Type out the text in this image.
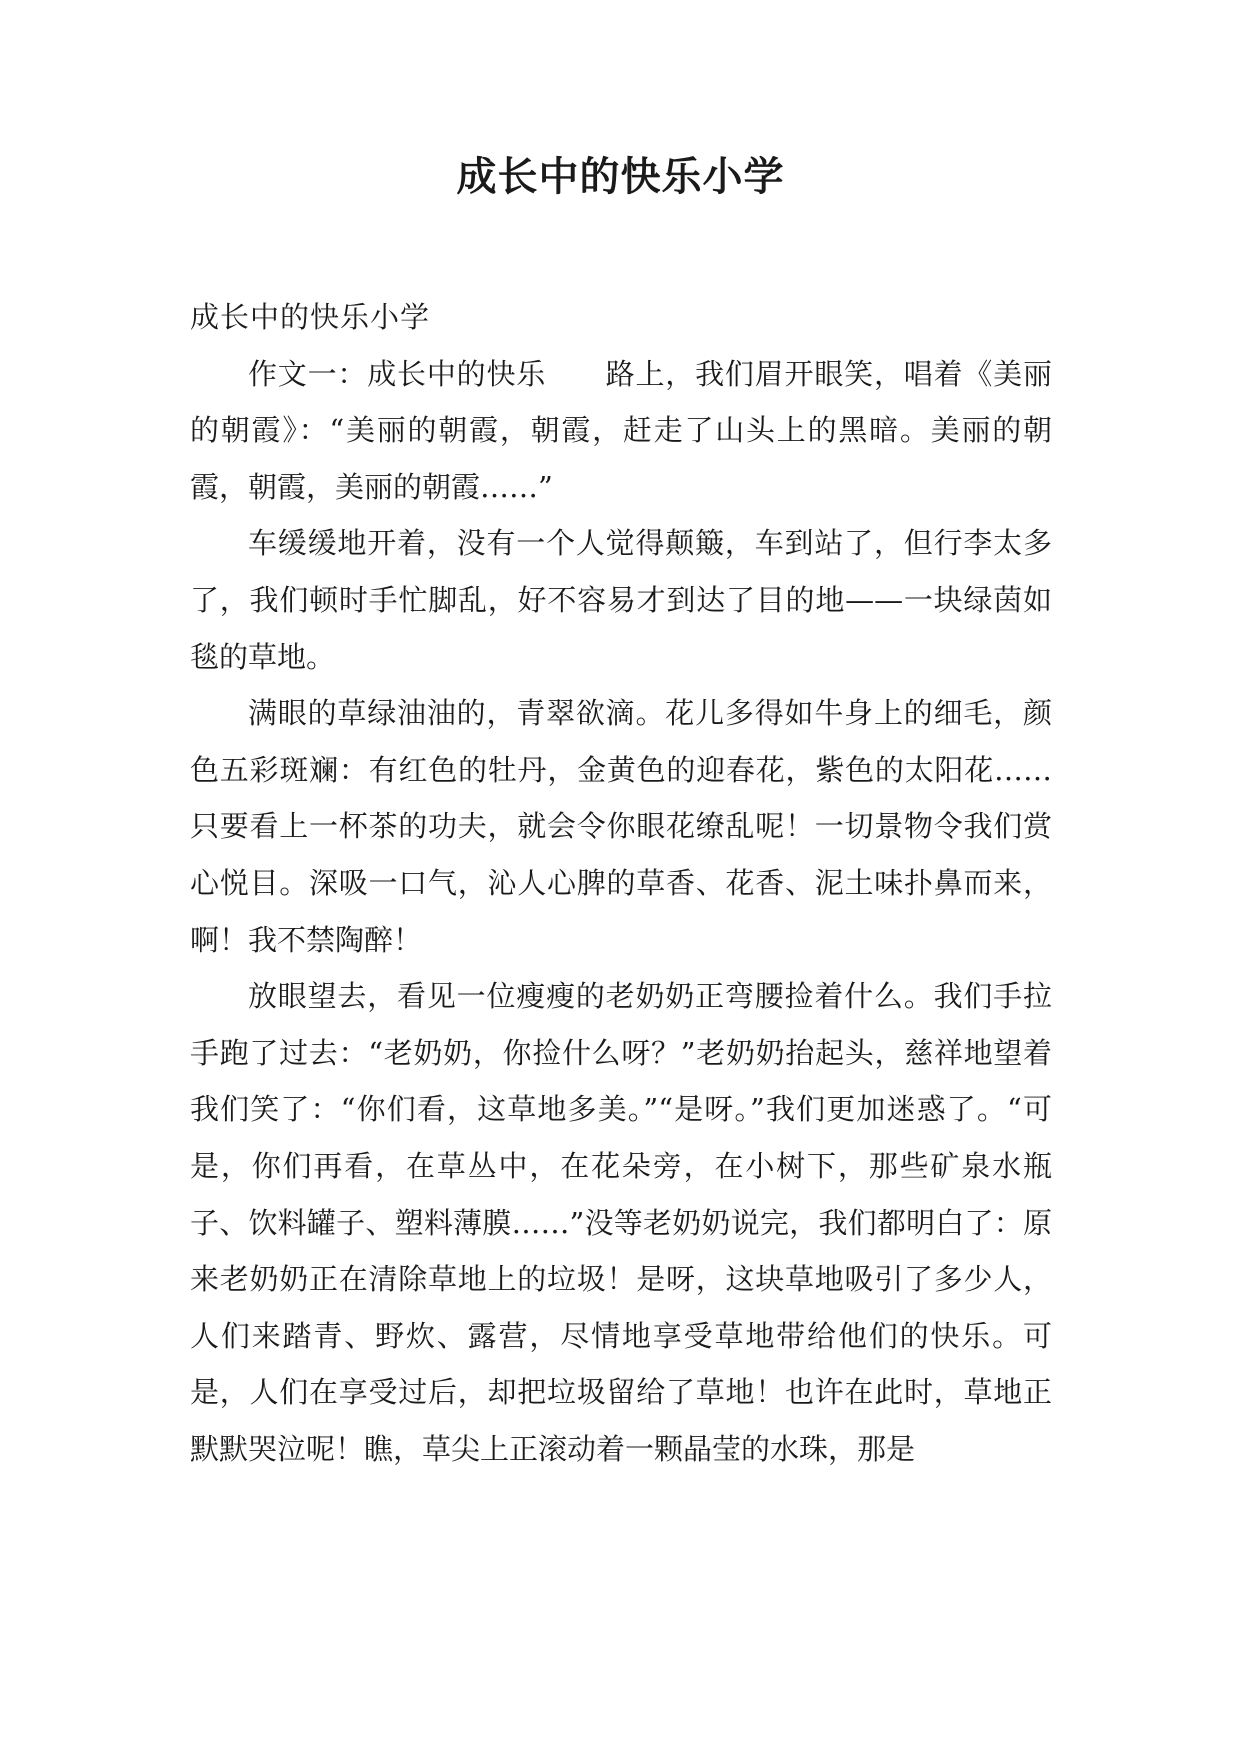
成长中的快乐小学

成长中的快乐小学

作文一：成长中的快乐　　路上，我们眉开眼笑，唱着《美丽的朝霞》：“美丽的朝霞，朝霞，赶走了山头上的黑暗。美丽的朝霞，朝霞，美丽的朝霞……”

车缓缓地开着，没有一个人觉得颠簸，车到站了，但行李太多了，我们顿时手忙脚乱，好不容易才到达了目的地——一块绿茵如毯的草地。

满眼的草绿油油的，青翠欲滴。花儿多得如牛身上的细毛，颜色五彩斑斓：有红色的牡丹，金黄色的迎春花，紫色的太阳花……只要看上一杯茶的功夫，就会令你眼花缭乱呢！一切景物令我们赏心悦目。深吸一口气，沁人心脾的草香、花香、泥土味扑鼻而来，啊！我不禁陶醉！

放眼望去，看见一位瘦瘦的老奶奶正弯腰捡着什么。我们手拉手跑了过去：“老奶奶，你捡什么呀？”老奶奶抬起头，慈祥地望着我们笑了：“你们看，这草地多美。”“是呀。”我们更加迷惑了。“可是，你们再看，在草丛中，在花朵旁，在小树下，那些矿泉水瓶子、饮料罐子、塑料薄膜……”没等老奶奶说完，我们都明白了：原来老奶奶正在清除草地上的垃圾！是呀，这块草地吸引了多少人，人们来踏青、野炊、露营，尽情地享受草地带给他们的快乐。可是，人们在享受过后，却把垃圾留给了草地！也许在此时，草地正默默哭泣呢！瞧，草尖上正滚动着一颗晶莹的水珠，那是
